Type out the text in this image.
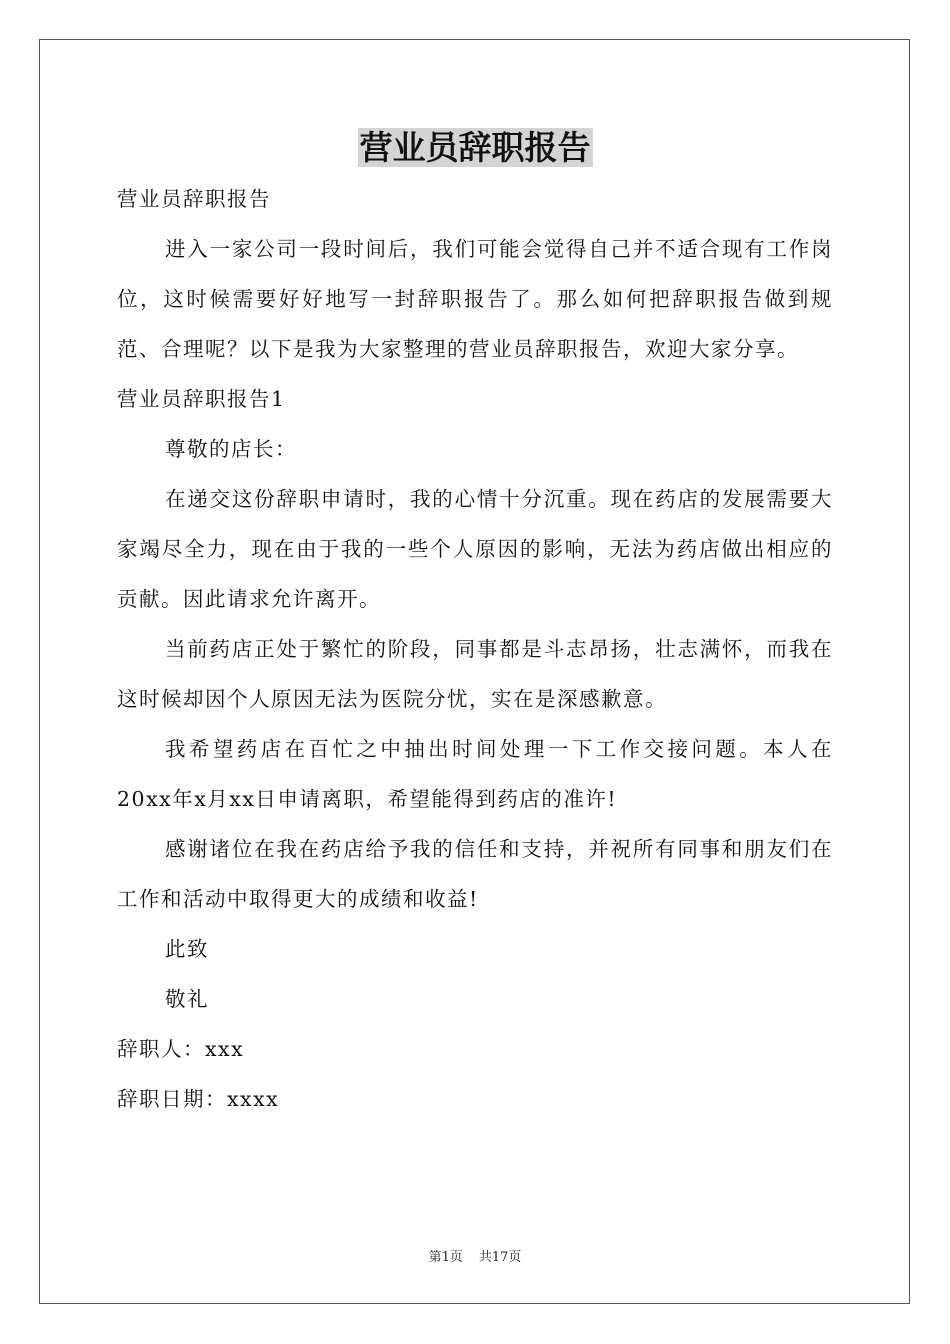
营业员辞职报告

营业员辞职报告

进入一家公司一段时间后，我们可能会觉得自己并不适合现有工作岗位，这时候需要好好地写一封辞职报告了。那么如何把辞职报告做到规范、合理呢？以下是我为大家整理的营业员辞职报告，欢迎大家分享。

营业员辞职报告1

尊敬的店长：

在递交这份辞职申请时，我的心情十分沉重。现在药店的发展需要大家竭尽全力，现在由于我的一些个人原因的影响，无法为药店做出相应的贡献。因此请求允许离开。

当前药店正处于繁忙的阶段，同事都是斗志昂扬，壮志满怀，而我在这时候却因个人原因无法为医院分忧，实在是深感歉意。

我希望药店在百忙之中抽出时间处理一下工作交接问题。本人在20xx年x月xx日申请离职，希望能得到药店的准许!

感谢诸位在我在药店给予我的信任和支持，并祝所有同事和朋友们在工作和活动中取得更大的成绩和收益!

此致

敬礼

辞职人：xxx

辞职日期：xxxx

第1页 共17页
